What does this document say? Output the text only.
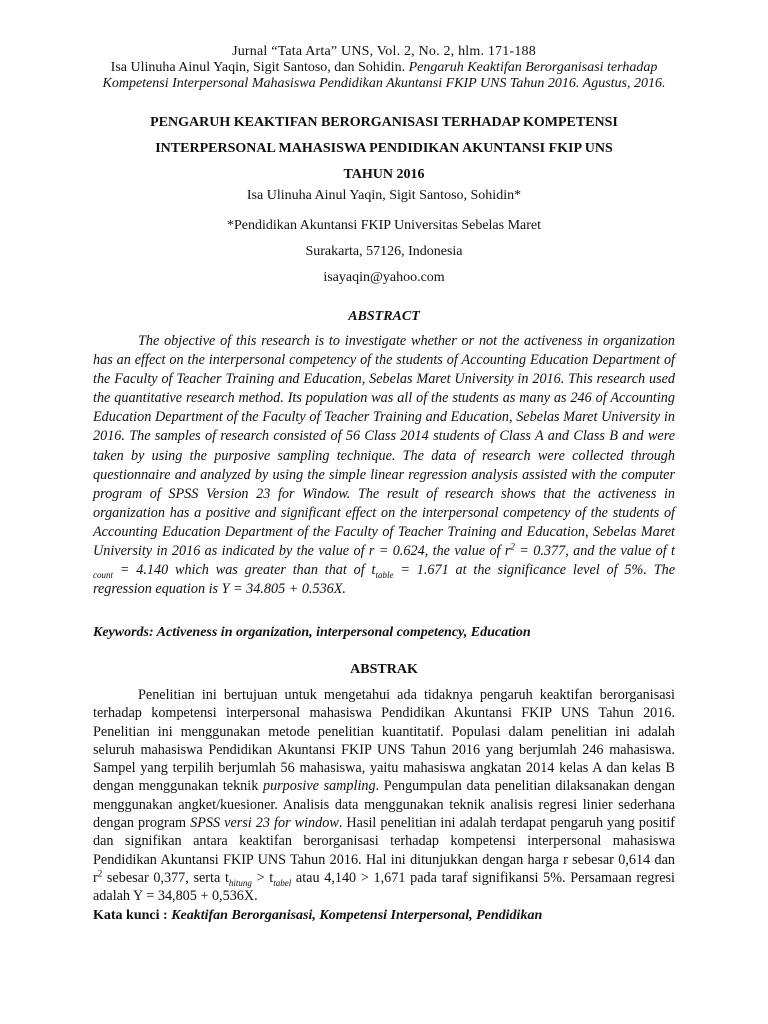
Jurnal “Tata Arta” UNS, Vol. 2, No. 2, hlm. 171-188
Isa Ulinuha Ainul Yaqin, Sigit Santoso, dan Sohidin. Pengaruh Keaktifan Berorganisasi terhadap Kompetensi Interpersonal Mahasiswa Pendidikan Akuntansi FKIP UNS Tahun 2016. Agustus, 2016.
PENGARUH KEAKTIFAN BERORGANISASI TERHADAP KOMPETENSI
INTERPERSONAL MAHASISWA PENDIDIKAN AKUNTANSI FKIP UNS
TAHUN 2016
Isa Ulinuha Ainul Yaqin, Sigit Santoso, Sohidin*
*Pendidikan Akuntansi FKIP Universitas Sebelas Maret
Surakarta, 57126, Indonesia
isayaqin@yahoo.com
ABSTRACT

The objective of this research is to investigate whether or not the activeness in organization has an effect on the interpersonal competency of the students of Accounting Education Department of the Faculty of Teacher Training and Education, Sebelas Maret University in 2016. This research used the quantitative research method. Its population was all of the students as many as 246 of Accounting Education Department of the Faculty of Teacher Training and Education, Sebelas Maret University in 2016. The samples of research consisted of 56 Class 2014 students of Class A and Class B and were taken by using the purposive sampling technique. The data of research were collected through questionnaire and analyzed by using the simple linear regression analysis assisted with the computer program of SPSS Version 23 for Window. The result of research shows that the activeness in organization has a positive and significant effect on the interpersonal competency of the students of Accounting Education Department of the Faculty of Teacher Training and Education, Sebelas Maret University in 2016 as indicated by the value of r = 0.624, the value of $r^2 = 0.377$, and the value of t $_{count}$ = 4.140 which was greater than that of $t_{table} = 1.671$ at the significance level of 5%. The regression equation is Y = 34.805 + 0.536X.

Keywords: Activeness in organization, interpersonal competency, Education
ABSTRAK

Penelitian ini bertujuan untuk mengetahui ada tidaknya pengaruh keaktifan berorganisasi terhadap kompetensi interpersonal mahasiswa Pendidikan Akuntansi FKIP UNS Tahun 2016. Penelitian ini menggunakan metode penelitian kuantitatif. Populasi dalam penelitian ini adalah seluruh mahasiswa Pendidikan Akuntansi FKIP UNS Tahun 2016 yang berjumlah 246 mahasiswa. Sampel yang terpilih berjumlah 56 mahasiswa, yaitu mahasiswa angkatan 2014 kelas A dan kelas B dengan menggunakan teknik purposive sampling. Pengumpulan data penelitian dilaksanakan dengan menggunakan angket/kuesioner. Analisis data menggunakan teknik analisis regresi linier sederhana dengan program SPSS versi 23 for window. Hasil penelitian ini adalah terdapat pengaruh yang positif dan signifikan antara keaktifan berorganisasi terhadap kompetensi interpersonal mahasiswa Pendidikan Akuntansi FKIP UNS Tahun 2016. Hal ini ditunjukkan dengan harga r sebesar 0,614 dan $r^2$ sebesar 0,377, serta $t_{hitung} > t_{tabel}$ atau 4,140 > 1,671 pada taraf signifikansi 5%. Persamaan regresi adalah Y = 34,805 + 0,536X.

Kata kunci : Keaktifan Berorganisasi, Kompetensi Interpersonal, Pendidikan
